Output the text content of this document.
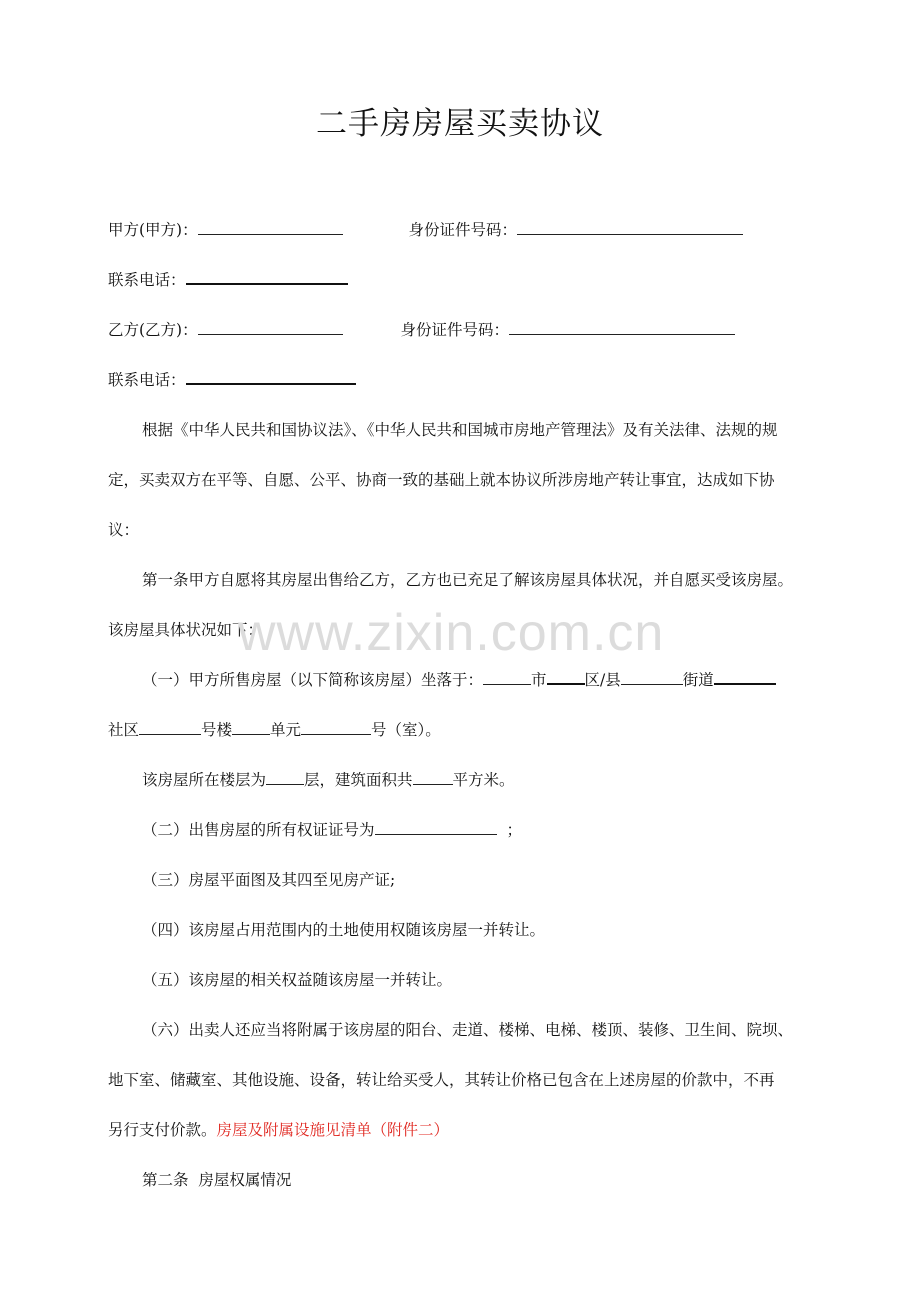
二手房房屋买卖协议
甲方(甲方)：	身份证件号码：
联系电话：
乙方(乙方)：	身份证件号码：
联系电话：
根据《中华人民共和国协议法》、《中华人民共和国城市房地产管理法》及有关法律、法规的规
定，买卖双方在平等、自愿、公平、协商一致的基础上就本协议所涉房地产转让事宜，达成如下协
议：
第一条甲方自愿将其房屋出售给乙方，乙方也已充足了解该房屋具体状况，并自愿买受该房屋。
该房屋具体状况如下：
www.zixin.com.cn
（一）甲方所售房屋（以下简称该房屋）坐落于：	市 区/县	街道
社区	号楼 单元	号（室）。
该房屋所在楼层为 层，建筑面积共	平方米。
（二）出售房屋的所有权证证号为	；
（三）房屋平面图及其四至见房产证;
（四）该房屋占用范围内的土地使用权随该房屋一并转让。
（五）该房屋的相关权益随该房屋一并转让。
（六）出卖人还应当将附属于该房屋的阳台、走道、楼梯、电梯、楼顶、装修、卫生间、院坝、
地下室、储藏室、其他设施、设备，转让给买受人，其转让价格已包含在上述房屋的价款中，不再
另行支付价款。房屋及附属设施见清单（附件二）
第二条  房屋权属情况
